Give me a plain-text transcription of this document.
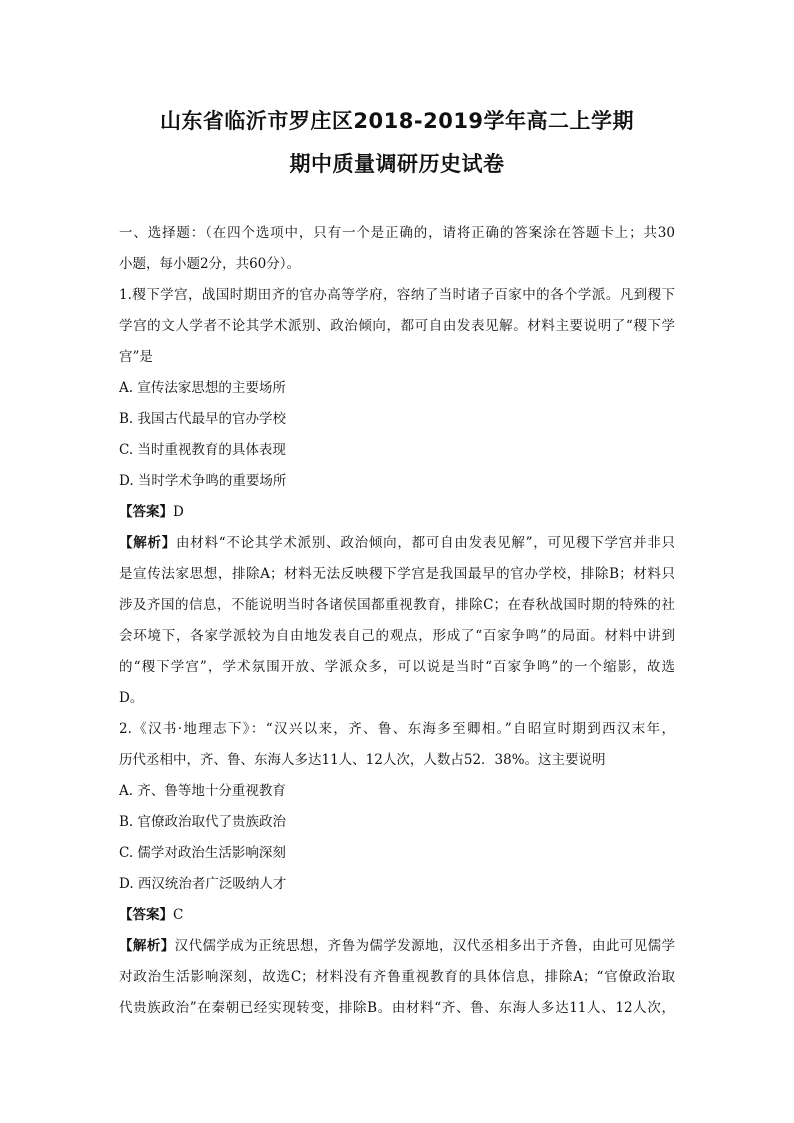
山东省临沂市罗庄区2018-2019学年高二上学期
期中质量调研历史试卷
一、选择题：（在四个选项中，只有一个是正确的，请将正确的答案涂在答题卡上；共30
小题，每小题2分，共60分）。
1.稷下学宫，战国时期田齐的官办高等学府，容纳了当时诸子百家中的各个学派。凡到稷下
学宫的文人学者不论其学术派别、政治倾向，都可自由发表见解。材料主要说明了“稷下学
宫”是
A. 宣传法家思想的主要场所
B. 我国古代最早的官办学校
C. 当时重视教育的具体表现
D. 当时学术争鸣的重要场所
【答案】D
【解析】由材料“不论其学术派别、政治倾向，都可自由发表见解”，可见稷下学宫并非只
是宣传法家思想，排除A；材料无法反映稷下学宫是我国最早的官办学校，排除B；材料只
涉及齐国的信息，不能说明当时各诸侯国都重视教育，排除C；在春秋战国时期的特殊的社
会环境下，各家学派较为自由地发表自己的观点，形成了“百家争鸣”的局面。材料中讲到
的“稷下学宫”，学术氛围开放、学派众多，可以说是当时“百家争鸣”的一个缩影，故选
D。
2.《汉书·地理志下》：“汉兴以来，齐、鲁、东海多至卿相。”自昭宣时期到西汉末年，
历代丞相中，齐、鲁、东海人多达11人、12人次，人数占52．38%。这主要说明
A. 齐、鲁等地十分重视教育
B. 官僚政治取代了贵族政治
C. 儒学对政治生活影响深刻
D. 西汉统治者广泛吸纳人才
【答案】C
【解析】汉代儒学成为正统思想，齐鲁为儒学发源地，汉代丞相多出于齐鲁，由此可见儒学
对政治生活影响深刻，故选C；材料没有齐鲁重视教育的具体信息，排除A；“官僚政治取
代贵族政治”在秦朝已经实现转变，排除B。由材料“齐、鲁、东海人多达11人、12人次，
